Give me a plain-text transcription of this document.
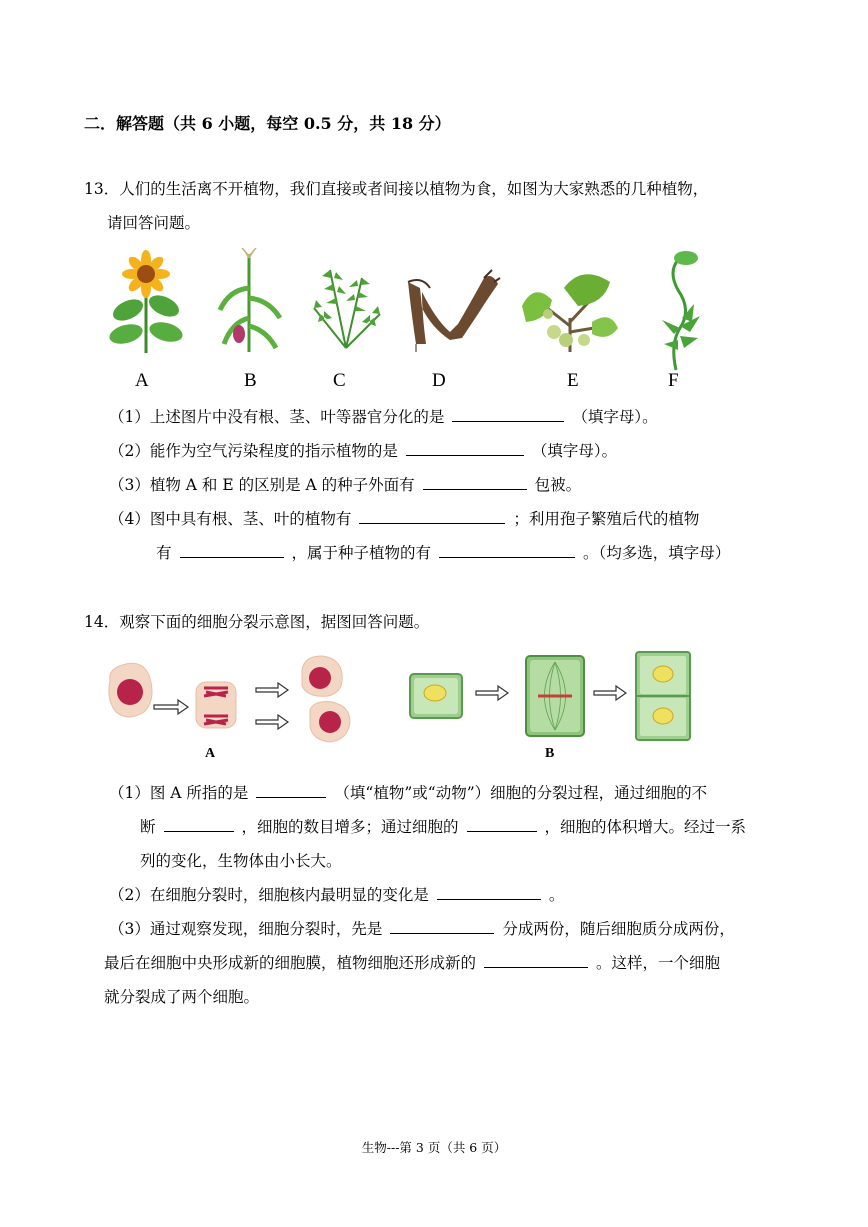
二．解答题（共 6 小题，每空 0.5 分，共 18 分）
13．人们的生活离不开植物，我们直接或者间接以植物为食，如图为大家熟悉的几种植物，
请回答问题。
A	B	C	D	E	F
（1）上述图片中没有根、茎、叶等器官分化的是	（填字母）。
（2）能作为空气污染程度的指示植物的是	（填字母）。
（3）植物 A 和 E 的区别是 A 的种子外面有	包被。
（4）图中具有根、茎、叶的植物有	；利用孢子繁殖后代的植物
有	，属于种子植物的有	。（均多选，填字母）
14．观察下面的细胞分裂示意图，据图回答问题。
A	B
（1）图 A 所指的是	（填“植物”或“动物”）细胞的分裂过程，通过细胞的不
断	，细胞的数目增多；通过细胞的	，细胞的体积增大。经过一系
列的变化，生物体由小长大。
（2）在细胞分裂时，细胞核内最明显的变化是	。
（3）通过观察发现，细胞分裂时，先是	分成两份，随后细胞质分成两份，
最后在细胞中央形成新的细胞膜，植物细胞还形成新的	。这样，一个细胞
就分裂成了两个细胞。
生物---第 3 页（共 6 页）
